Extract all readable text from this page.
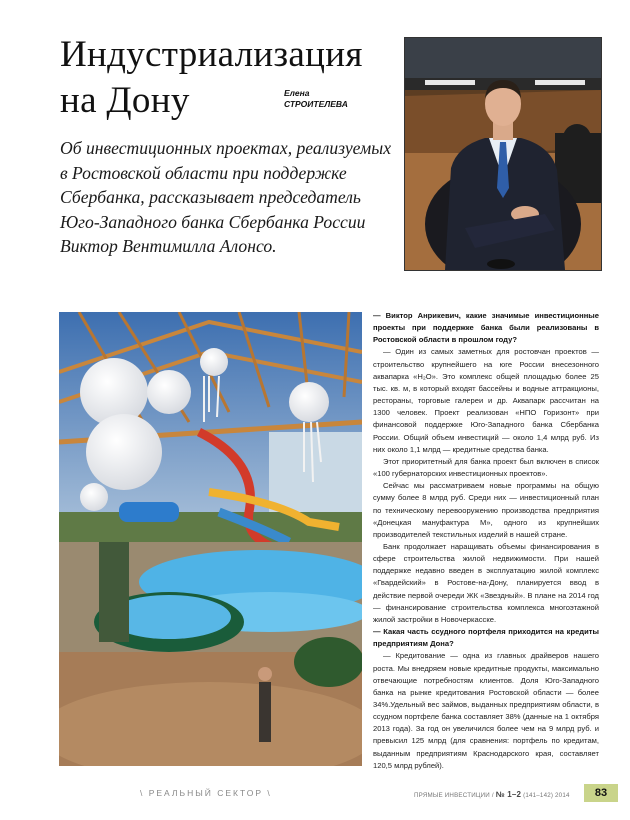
Индустриализация
на Дону	Елена
СТРОИТЕЛЕВА
Об инвестиционных проектах, реализуемых в Ростовской области при поддержке Сбербанка, рассказывает председатель Юго-Западного банка Сбербанка России Виктор Вентимилла Алонсо.

— Виктор Анрикевич, какие значимые инвестиционные проекты при поддержке банка были реализованы в Ростовской области в прошлом году?

— Один из самых заметных для ростовчан проектов — строительство крупнейшего на юге России внесезонного аквапарка «H₂O». Это комплекс общей площадью более 25 тыс. кв. м, в который входят бассейны и водные аттракционы, рестораны, торговые галереи и др. Аквапарк рассчитан на 1300 человек. Проект реализован «НПО Горизонт» при финансовой поддержке Юго-Западного банка Сбербанка России. Общий объем инвестиций — около 1,4 млрд руб. Из них около 1,1 млрд — кредитные средства банка.

Этот приоритетный для банка проект был включен в список «100 губернаторских инвестиционных проектов».

Сейчас мы рассматриваем новые программы на общую сумму более 8 млрд руб. Среди них — инвестиционный план по техническому перевооружению производства предприятия «Донецкая мануфактура М», одного из крупнейших производителей текстильных изделий в нашей стране.

Банк продолжает наращивать объемы финансирования в сфере строительства жилой недвижимости. При нашей поддержке недавно введен в эксплуатацию жилой комплекс «Гвардейский» в Ростове-на-Дону, планируется ввод в действие первой очереди ЖК «Звездный». В плане на 2014 год — финансирование строительства комплекса многоэтажной жилой застройки в Новочеркасске.

— Какая часть ссудного портфеля приходится на кредиты предприятиям Дона?

— Кредитование — одна из главных драйверов нашего роста. Мы внедряем новые кредитные продукты, максимально отвечающие потребностям клиентов. Доля Юго-Западного банка на рынке кредитования Ростовской области — более 34%.Удельный вес займов, выданных предприятиям области, в ссудном портфеле банка составляет 38% (данные на 1 октября 2013 года). За год он увеличился более чем на 9 млрд руб. и превысил 125 млрд (для сравнения: портфель по кредитам, выданным предприятиям Краснодарского края, составляет 120,5 млрд рублей).

\ РЕАЛЬНЫЙ СЕКТОР \	ПРЯМЫЕ ИНВЕСТИЦИИ / № 1–2 (141–142) 2014	83
